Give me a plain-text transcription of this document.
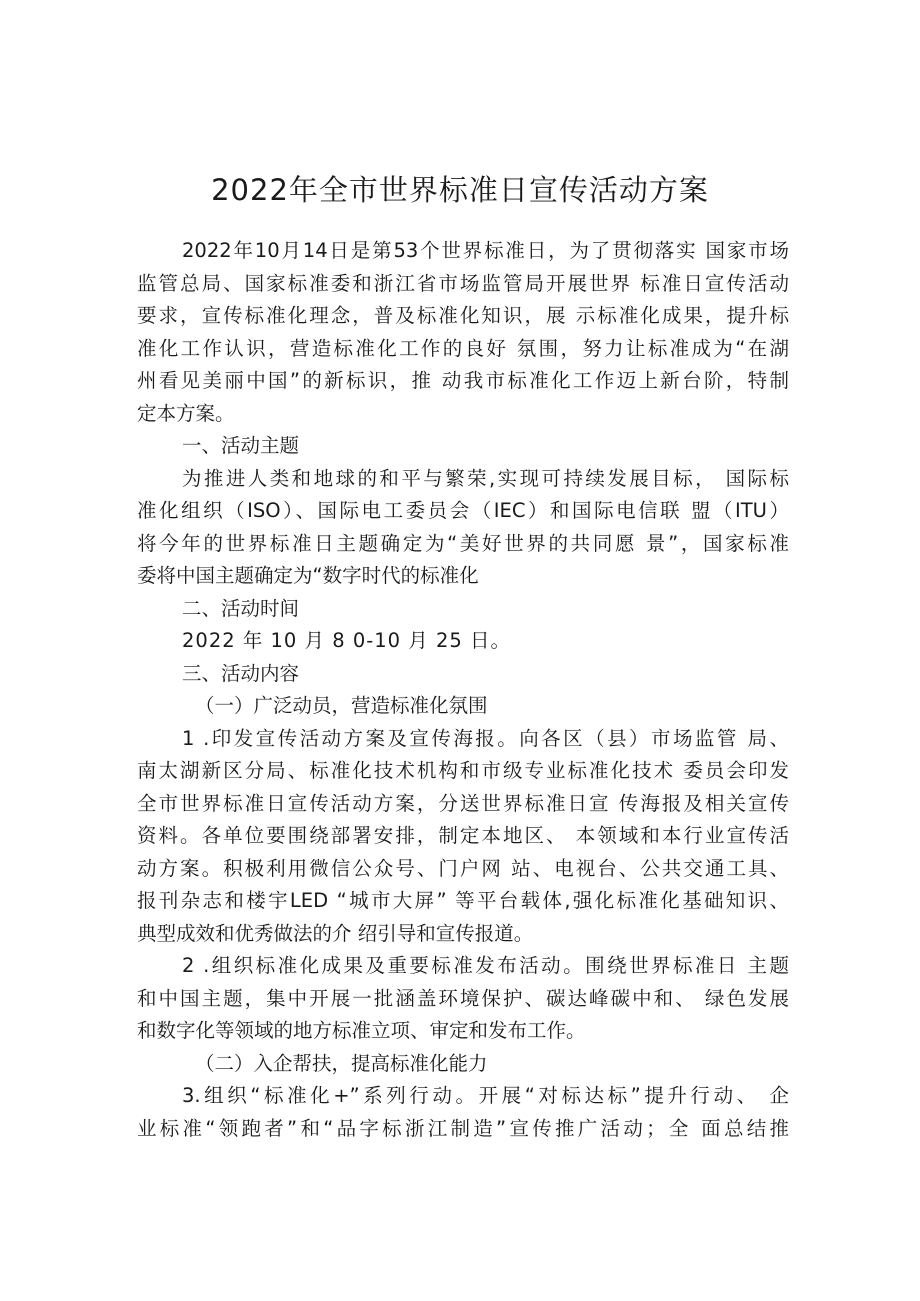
2022年全市世界标准日宣传活动方案
2022年10月14日是第53个世界标准日，为了贯彻落实 国家市场
监管总局、国家标准委和浙江省市场监管局开展世界 标准日宣传活动
要求，宣传标准化理念，普及标准化知识，展 示标准化成果，提升标
准化工作认识，营造标准化工作的良好 氛围，努力让标准成为“在湖
州看见美丽中国”的新标识，推 动我市标准化工作迈上新台阶，特制
定本方案。
一、活动主题
为推进人类和地球的和平与繁荣,实现可持续发展目标， 国际标
准化组织（ISO）、国际电工委员会（IEC）和国际电信联 盟（ITU）
将今年的世界标准日主题确定为“美好世界的共同愿 景”，国家标准
委将中国主题确定为“数字时代的标准化
二、活动时间
2022 年 10 月 8 0-10 月 25 日。
三、活动内容
（一）广泛动员，营造标准化氛围
1 .印发宣传活动方案及宣传海报。向各区（县）市场监管 局、
南太湖新区分局、标准化技术机构和市级专业标准化技术 委员会印发
全市世界标准日宣传活动方案，分送世界标准日宣 传海报及相关宣传
资料。各单位要围绕部署安排，制定本地区、 本领域和本行业宣传活
动方案。积极利用微信公众号、门户网 站、电视台、公共交通工具、
报刊杂志和楼宇LED “城市大屏” 等平台载体,强化标准化基础知识、
典型成效和优秀做法的介 绍引导和宣传报道。
2 .组织标准化成果及重要标准发布活动。围绕世界标准日 主题
和中国主题，集中开展一批涵盖环境保护、碳达峰碳中和、 绿色发展
和数字化等领域的地方标准立项、审定和发布工作。
（二）入企帮扶，提高标准化能力
3.组织“标准化+”系列行动。开展“对标达标”提升行动、 企
业标准“领跑者”和“品字标浙江制造”宣传推广活动；全 面总结推
